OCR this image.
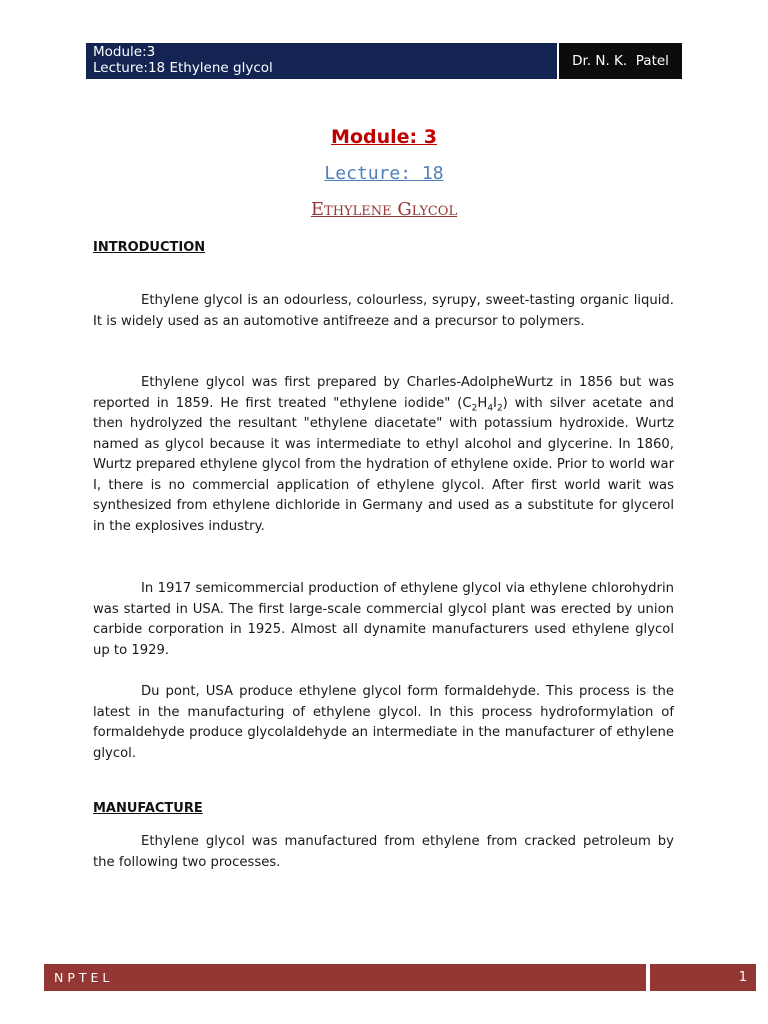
Module:3
Lecture:18 Ethylene glycol	Dr. N. K.  Patel
Module: 3
Lecture: 18
Ethylene Glycol
INTRODUCTION
Ethylene glycol is an odourless, colourless, syrupy, sweet-tasting organic liquid. It is widely used as an automotive antifreeze and a precursor to polymers.
Ethylene glycol was first prepared by Charles-AdolpheWurtz in 1856 but was reported in 1859. He first treated "ethylene iodide" $(C_2H_4I_2)$ with silver acetate and then hydrolyzed the resultant "ethylene diacetate" with potassium hydroxide. Wurtz named as glycol because it was intermediate to ethyl alcohol and glycerine. In 1860, Wurtz prepared ethylene glycol from the hydration of ethylene oxide. Prior to world war I, there is no commercial application of ethylene glycol. After first world warit was synthesized from ethylene dichloride in Germany and used as a substitute for glycerol in the explosives industry.
In 1917 semicommercial production of ethylene glycol via ethylene chlorohydrin was started in USA. The first large-scale commercial glycol plant was erected by union carbide corporation in 1925. Almost all dynamite manufacturers used ethylene glycol up to 1929.
Du pont, USA produce ethylene glycol form formaldehyde. This process is the latest in the manufacturing of ethylene glycol. In this process hydroformylation of formaldehyde produce glycolaldehyde an intermediate in the manufacturer of ethylene glycol.
MANUFACTURE
Ethylene glycol was manufactured from ethylene from cracked petroleum by the following two processes.
NPTEL	1
